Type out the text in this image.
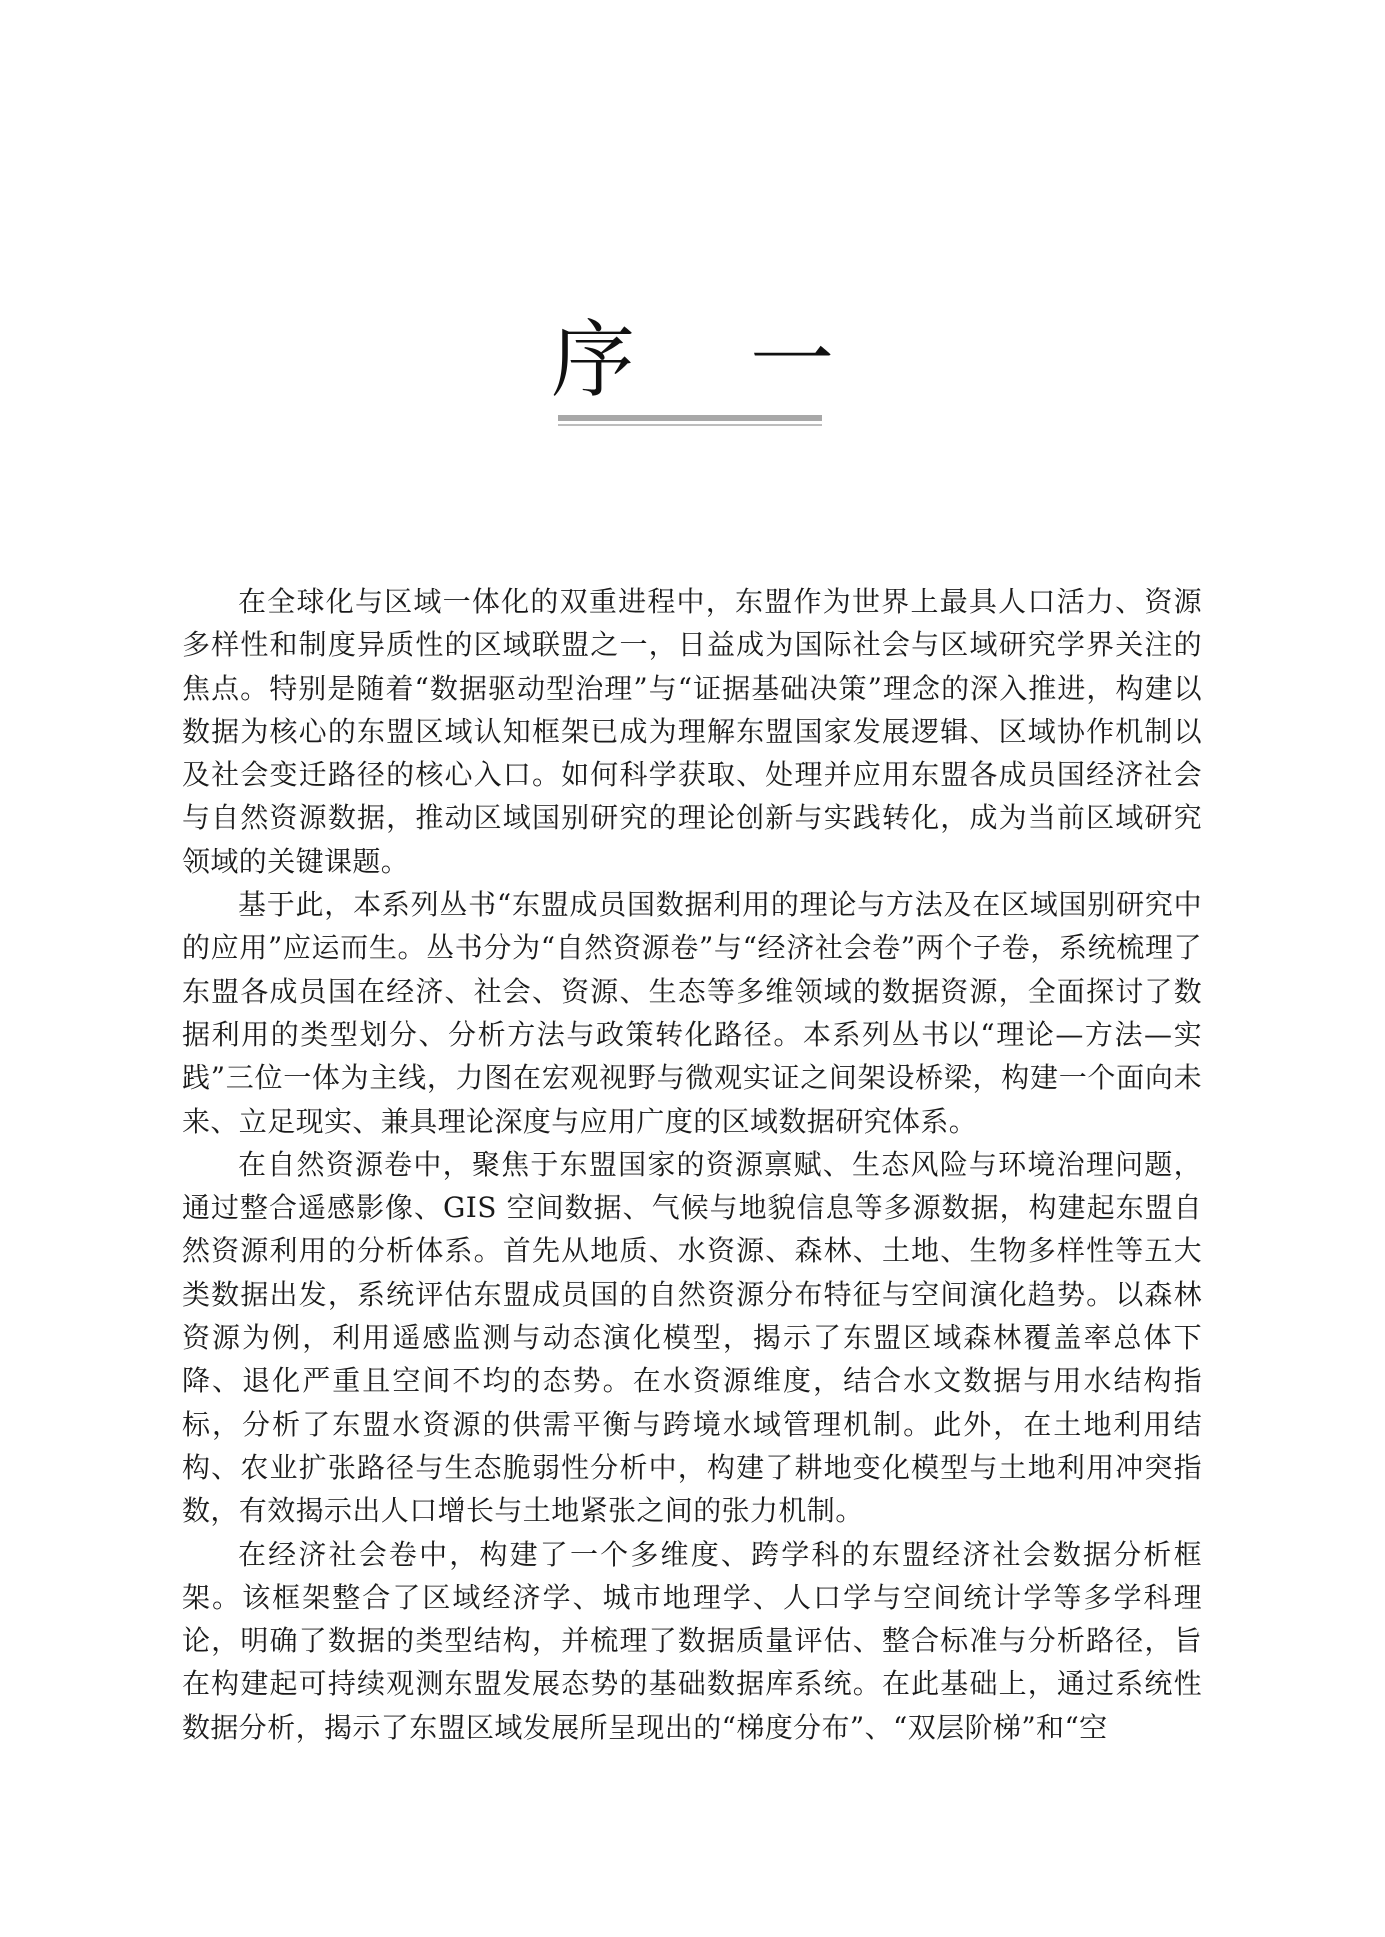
序 一

在全球化与区域一体化的双重进程中，东盟作为世界上最具人口活力、资源多样性和制度异质性的区域联盟之一，日益成为国际社会与区域研究学界关注的焦点。特别是随着“数据驱动型治理”与“证据基础决策”理念的深入推进，构建以数据为核心的东盟区域认知框架已成为理解东盟国家发展逻辑、区域协作机制以及社会变迁路径的核心入口。如何科学获取、处理并应用东盟各成员国经济社会与自然资源数据，推动区域国别研究的理论创新与实践转化，成为当前区域研究领域的关键课题。

基于此，本系列丛书“东盟成员国数据利用的理论与方法及在区域国别研究中的应用”应运而生。丛书分为“自然资源卷”与“经济社会卷”两个子卷，系统梳理了东盟各成员国在经济、社会、资源、生态等多维领域的数据资源，全面探讨了数据利用的类型划分、分析方法与政策转化路径。本系列丛书以“理论—方法—实践”三位一体为主线，力图在宏观视野与微观实证之间架设桥梁，构建一个面向未来、立足现实、兼具理论深度与应用广度的区域数据研究体系。

在自然资源卷中，聚焦于东盟国家的资源禀赋、生态风险与环境治理问题，通过整合遥感影像、GIS 空间数据、气候与地貌信息等多源数据，构建起东盟自然资源利用的分析体系。首先从地质、水资源、森林、土地、生物多样性等五大类数据出发，系统评估东盟成员国的自然资源分布特征与空间演化趋势。以森林资源为例，利用遥感监测与动态演化模型，揭示了东盟区域森林覆盖率总体下降、退化严重且空间不均的态势。在水资源维度，结合水文数据与用水结构指标，分析了东盟水资源的供需平衡与跨境水域管理机制。此外，在土地利用结构、农业扩张路径与生态脆弱性分析中，构建了耕地变化模型与土地利用冲突指数，有效揭示出人口增长与土地紧张之间的张力机制。

在经济社会卷中，构建了一个多维度、跨学科的东盟经济社会数据分析框架。该框架整合了区域经济学、城市地理学、人口学与空间统计学等多学科理论，明确了数据的类型结构，并梳理了数据质量评估、整合标准与分析路径，旨在构建起可持续观测东盟发展态势的基础数据库系统。在此基础上，通过系统性数据分析，揭示了东盟区域发展所呈现出的“梯度分布”、“双层阶梯”和“空
